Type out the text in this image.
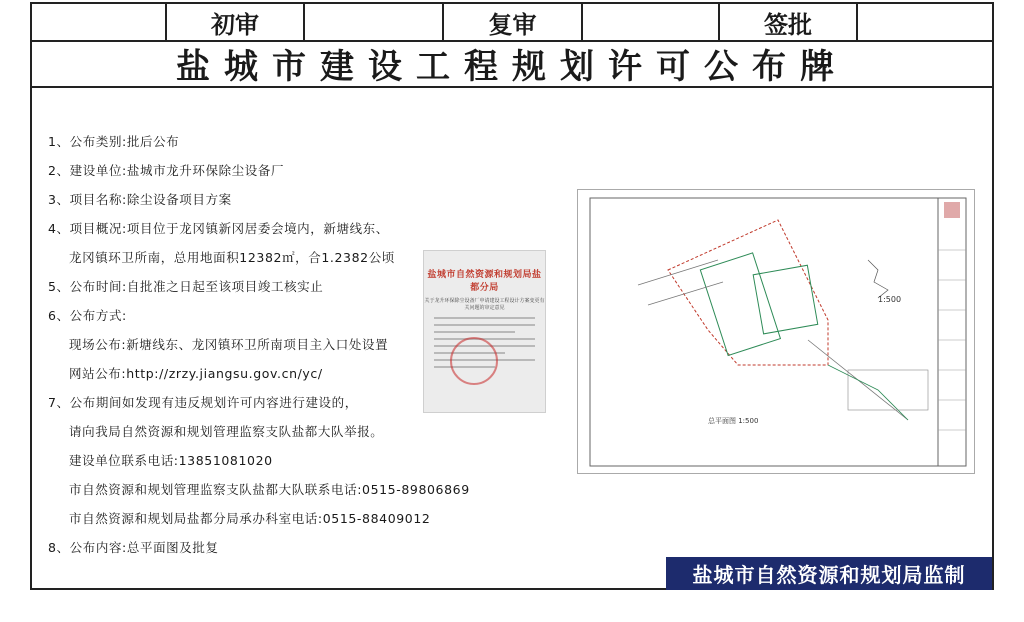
初审	复审	签批
盐城市建设工程规划许可公布牌
1、公布类别:批后公布
2、建设单位:盐城市龙升环保除尘设备厂
3、项目名称:除尘设备项目方案
4、项目概况:项目位于龙冈镇新冈居委会境内，新塘线东、
龙冈镇环卫所南，总用地面积12382㎡，合1.2382公顷
5、公布时间:自批准之日起至该项目竣工核实止
6、公布方式:
现场公布:新塘线东、龙冈镇环卫所南项目主入口处设置
网站公布:http://zrzy.jiangsu.gov.cn/yc/
7、公布期间如发现有违反规划许可内容进行建设的，
请向我局自然资源和规划管理监察支队盐都大队举报。
建设单位联系电话:13851081020
市自然资源和规划管理监察支队盐都大队联系电话:0515-89806869
市自然资源和规划局盐都分局承办科室电话:0515-88409012
8、公布内容:总平面图及批复
盐城市自然资源和规划局盐都分局
关于龙升环保除尘设备厂申请建设工程设计方案变更有关问题的审定意见
1:500
总平面图 1:500
盐城市自然资源和规划局监制
